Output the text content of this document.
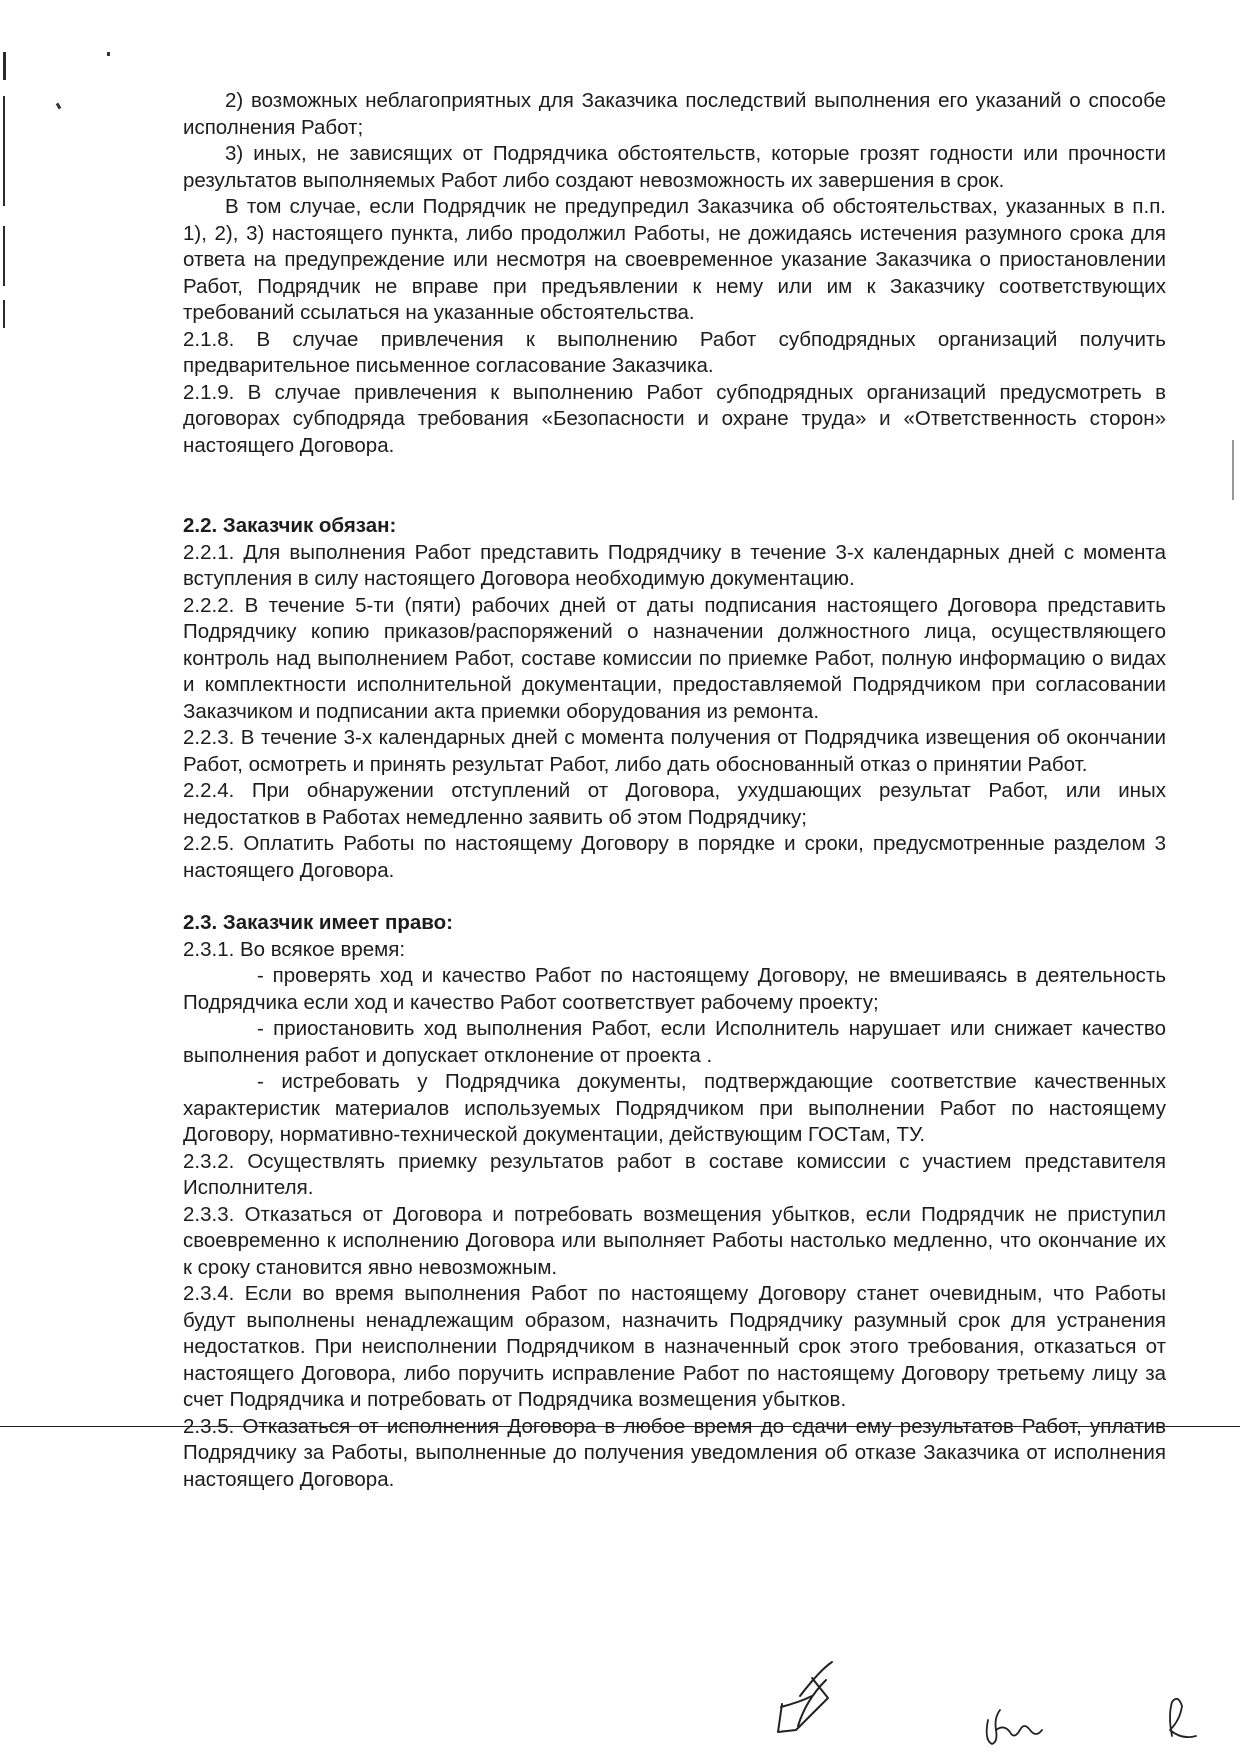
2) возможных неблагоприятных для Заказчика последствий выполнения его указаний о способе исполнения Работ;

3) иных, не зависящих от Подрядчика обстоятельств, которые грозят годности или прочности результатов выполняемых Работ либо создают невозможность их завершения в срок.

В том случае, если Подрядчик не предупредил Заказчика об обстоятельствах, указанных в п.п. 1), 2), 3) настоящего пункта, либо продолжил Работы, не дожидаясь истечения разумного срока для ответа на предупреждение или несмотря на своевременное указание Заказчика о приостановлении Работ, Подрядчик не вправе при предъявлении к нему или им к Заказчику соответствующих требований ссылаться на указанные обстоятельства.

2.1.8. В случае привлечения к выполнению Работ субподрядных организаций получить предварительное письменное согласование Заказчика.

2.1.9. В случае привлечения к выполнению Работ субподрядных организаций предусмотреть в договорах субподряда требования «Безопасности и охране труда» и «Ответственность сторон» настоящего Договора.

2.2. Заказчик обязан:

2.2.1. Для выполнения Работ представить Подрядчику в течение 3-х календарных дней с момента вступления в силу настоящего Договора необходимую документацию.

2.2.2. В течение 5-ти (пяти) рабочих дней от даты подписания настоящего Договора представить Подрядчику копию приказов/распоряжений о назначении должностного лица, осуществляющего контроль над выполнением Работ, составе комиссии по приемке Работ, полную информацию о видах и комплектности исполнительной документации, предоставляемой Подрядчиком при согласовании Заказчиком и подписании акта приемки оборудования из ремонта.

2.2.3. В течение 3-х календарных дней с момента получения от Подрядчика извещения об окончании Работ, осмотреть и принять результат Работ, либо дать обоснованный отказ о принятии Работ.

2.2.4. При обнаружении отступлений от Договора, ухудшающих результат Работ, или иных недостатков в Работах немедленно заявить об этом Подрядчику;

2.2.5. Оплатить Работы по настоящему Договору в порядке и сроки, предусмотренные разделом 3 настоящего Договора.

2.3. Заказчик имеет право:

2.3.1. Во всякое время:

- проверять ход и качество Работ по настоящему Договору, не вмешиваясь в деятельность Подрядчика если ход и качество Работ соответствует рабочему проекту;

- приостановить ход выполнения Работ, если Исполнитель нарушает или снижает качество выполнения работ и допускает отклонение от проекта .

- истребовать у Подрядчика документы, подтверждающие соответствие качественных характеристик материалов используемых Подрядчиком при выполнении Работ по настоящему Договору, нормативно-технической документации, действующим ГОСТам, ТУ.

2.3.2. Осуществлять приемку результатов работ в составе комиссии с участием представителя Исполнителя.

2.3.3. Отказаться от Договора и потребовать возмещения убытков, если Подрядчик не приступил своевременно к исполнению Договора или выполняет Работы настолько медленно, что окончание их к сроку становится явно невозможным.

2.3.4. Если во время выполнения Работ по настоящему Договору станет очевидным, что Работы будут выполнены ненадлежащим образом, назначить Подрядчику разумный срок для устранения недостатков. При неисполнении Подрядчиком в назначенный срок этого требования, отказаться от настоящего Договора, либо поручить исправление Работ по настоящему Договору третьему лицу за счет Подрядчика и потребовать от Подрядчика возмещения убытков.

2.3.5. Отказаться от исполнения Договора в любое время до сдачи ему результатов Работ, уплатив Подрядчику за Работы, выполненные до получения уведомления об отказе Заказчика от исполнения настоящего Договора.
